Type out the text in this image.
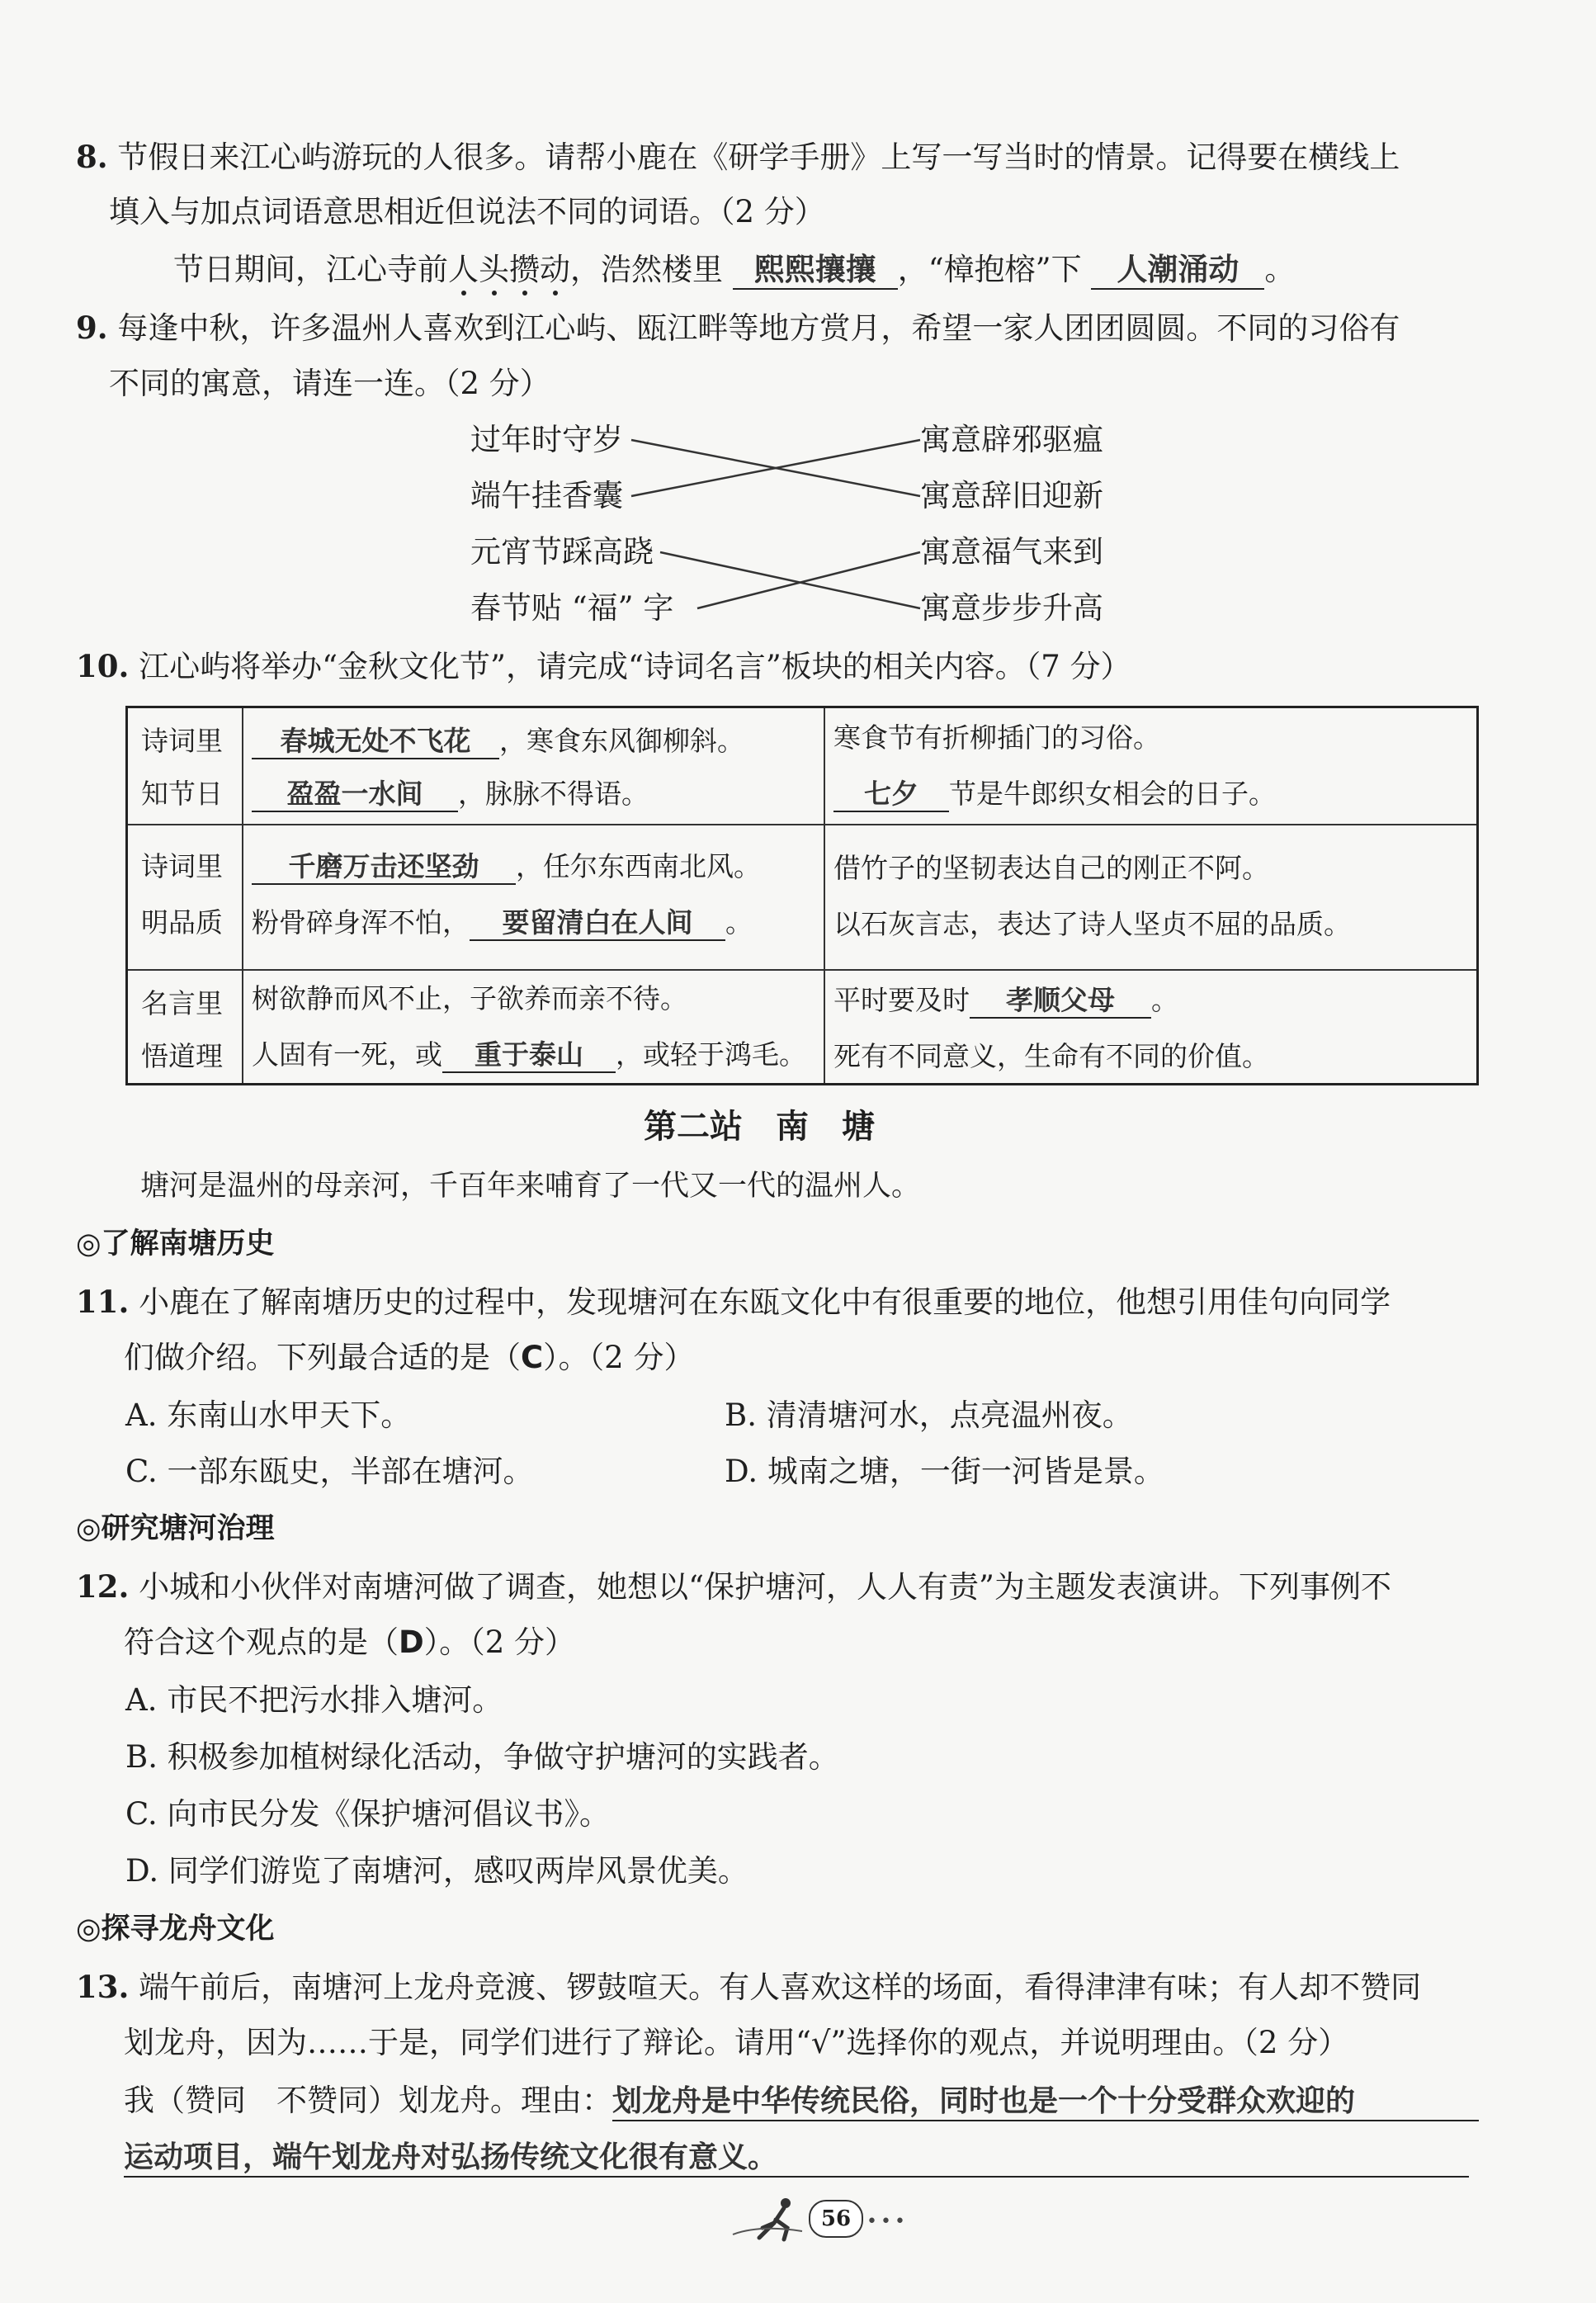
8. 节假日来江心屿游玩的人很多。请帮小鹿在《研学手册》上写一写当时的情景。记得要在横线上
填入与加点词语意思相近但说法不同的词语。（2 分）
节日期间，江心寺前人头攒动，浩然楼里 熙熙攘攘 ，“樟抱榕”下 人潮涌动 。
9. 每逢中秋，许多温州人喜欢到江心屿、瓯江畔等地方赏月，希望一家人团团圆圆。不同的习俗有
不同的寓意，请连一连。（2 分）
过年时守岁
端午挂香囊
元宵节踩高跷
春节贴 “福” 字
寓意辟邪驱瘟
寓意辞旧迎新
寓意福气来到
寓意步步升高
10. 江心屿将举办“金秋文化节”，请完成“诗词名言”板块的相关内容。（7 分）
诗词里
知节日
春城无处不飞花 ，寒食东风御柳斜。
盈盈一水间 ，脉脉不得语。
寒食节有折柳插门的习俗。
七夕 节是牛郎织女相会的日子。
诗词里
明品质
千磨万击还坚劲 ，任尔东西南北风。
粉骨碎身浑不怕， 要留清白在人间 。
借竹子的坚韧表达自己的刚正不阿。
以石灰言志，表达了诗人坚贞不屈的品质。
名言里
悟道理
树欲静而风不止，子欲养而亲不待。
人固有一死，或 重于泰山 ，或轻于鸿毛。
平时要及时 孝顺父母 。
死有不同意义，生命有不同的价值。
第二站　南　塘
塘河是温州的母亲河，千百年来哺育了一代又一代的温州人。
◎了解南塘历史
11. 小鹿在了解南塘历史的过程中，发现塘河在东瓯文化中有很重要的地位，他想引用佳句向同学
们做介绍。下列最合适的是（C）。（2 分）
A. 东南山水甲天下。	B. 清清塘河水，点亮温州夜。
C. 一部东瓯史，半部在塘河。	D. 城南之塘，一街一河皆是景。
◎研究塘河治理
12. 小城和小伙伴对南塘河做了调查，她想以“保护塘河，人人有责”为主题发表演讲。下列事例不
符合这个观点的是（D）。（2 分）
A. 市民不把污水排入塘河。
B. 积极参加植树绿化活动，争做守护塘河的实践者。
C. 向市民分发《保护塘河倡议书》。
D. 同学们游览了南塘河，感叹两岸风景优美。
◎探寻龙舟文化
13. 端午前后，南塘河上龙舟竞渡、锣鼓喧天。有人喜欢这样的场面，看得津津有味；有人却不赞同
划龙舟，因为……于是，同学们进行了辩论。请用“√”选择你的观点，并说明理由。（2 分）
我（赞同　不赞同）划龙舟。理由：划龙舟是中华传统民俗，同时也是一个十分受群众欢迎的
运动项目，端午划龙舟对弘扬传统文化很有意义。
56 •••
